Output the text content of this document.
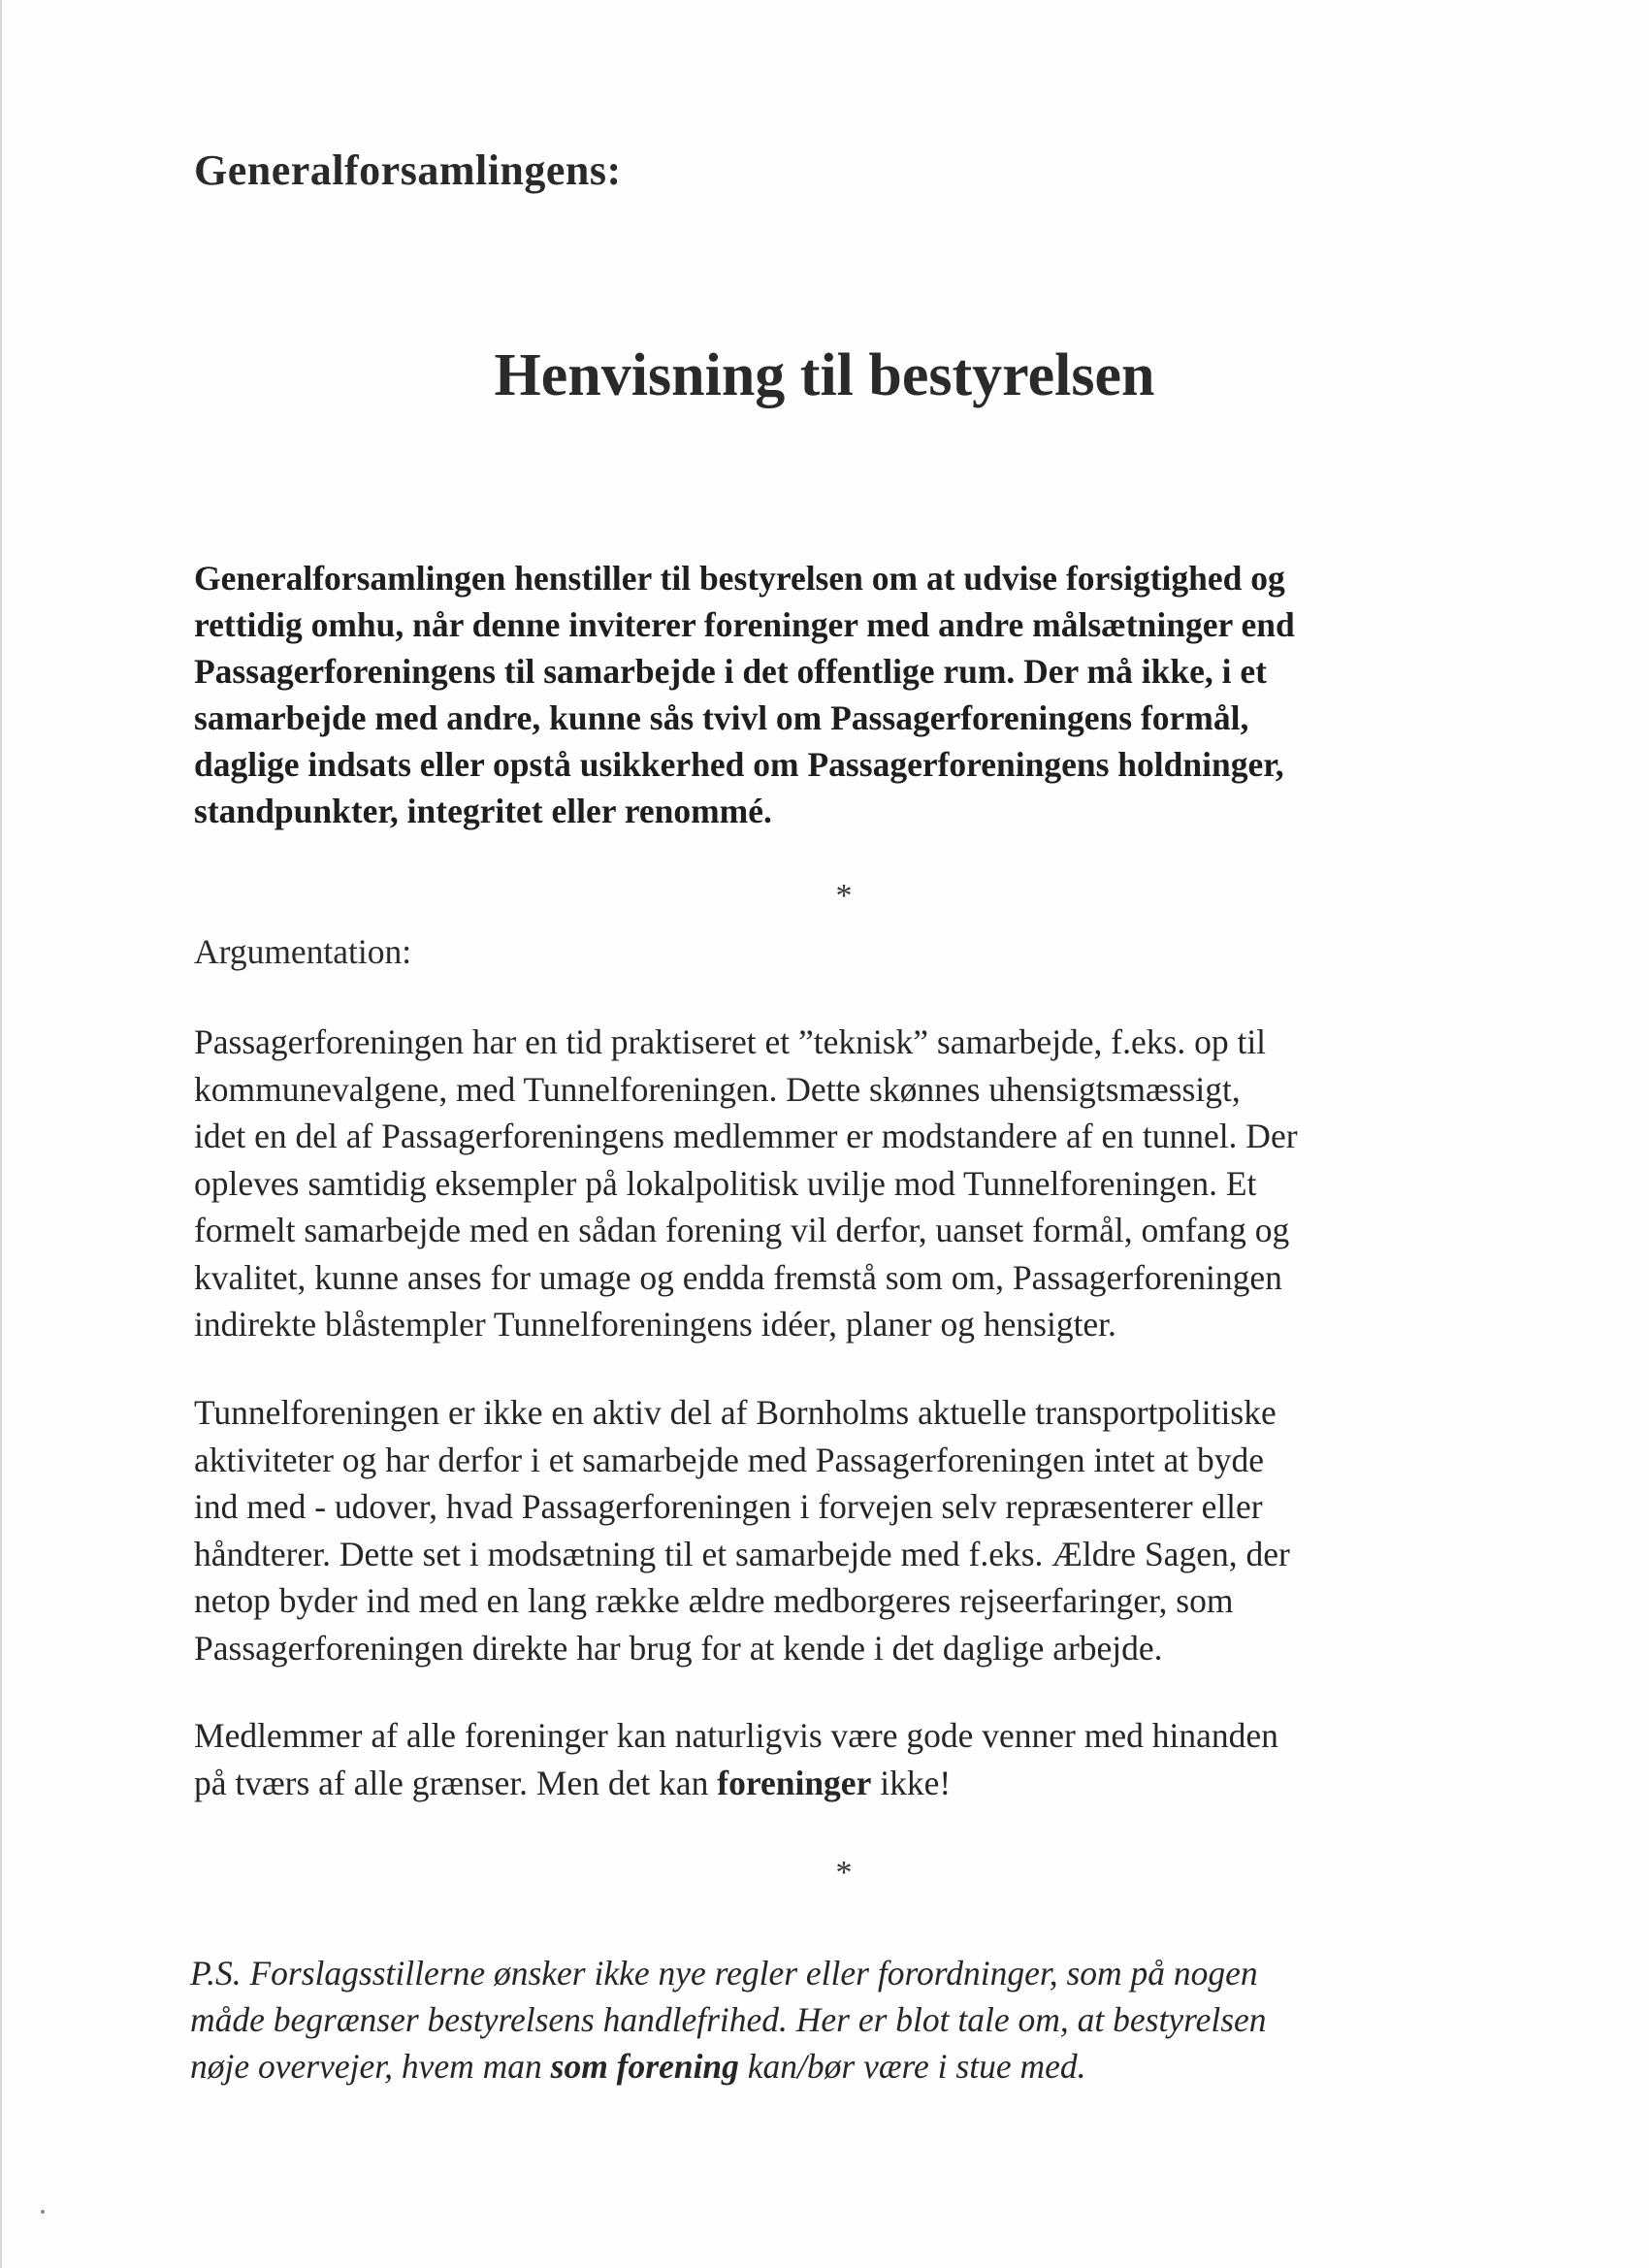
Generalforsamlingens:
Henvisning til bestyrelsen
Generalforsamlingen henstiller til bestyrelsen om at udvise forsigtighed og
rettidig omhu, når denne inviterer foreninger med andre målsætninger end
Passagerforeningens til samarbejde i det offentlige rum. Der må ikke, i et
samarbejde med andre, kunne sås tvivl om Passagerforeningens formål,
daglige indsats eller opstå usikkerhed om Passagerforeningens holdninger,
standpunkter, integritet eller renommé.
*
Argumentation:
Passagerforeningen har en tid praktiseret et ”teknisk” samarbejde, f.eks. op til
kommunevalgene, med Tunnelforeningen. Dette skønnes uhensigtsmæssigt,
idet en del af Passagerforeningens medlemmer er modstandere af en tunnel. Der
opleves samtidig eksempler på lokalpolitisk uvilje mod Tunnelforeningen. Et
formelt samarbejde med en sådan forening vil derfor, uanset formål, omfang og
kvalitet, kunne anses for umage og endda fremstå som om, Passagerforeningen
indirekte blåstempler Tunnelforeningens idéer, planer og hensigter.
Tunnelforeningen er ikke en aktiv del af Bornholms aktuelle transportpolitiske
aktiviteter og har derfor i et samarbejde med Passagerforeningen intet at byde
ind med - udover, hvad Passagerforeningen i forvejen selv repræsenterer eller
håndterer. Dette set i modsætning til et samarbejde med f.eks. Ældre Sagen, der
netop byder ind med en lang række ældre medborgeres rejseerfaringer, som
Passagerforeningen direkte har brug for at kende i det daglige arbejde.
Medlemmer af alle foreninger kan naturligvis være gode venner med hinanden
på tværs af alle grænser. Men det kan foreninger ikke!
*
P.S. Forslagsstillerne ønsker ikke nye regler eller forordninger, som på nogen
måde begrænser bestyrelsens handlefrihed. Her er blot tale om, at bestyrelsen
nøje overvejer, hvem man som forening kan/bør være i stue med.
